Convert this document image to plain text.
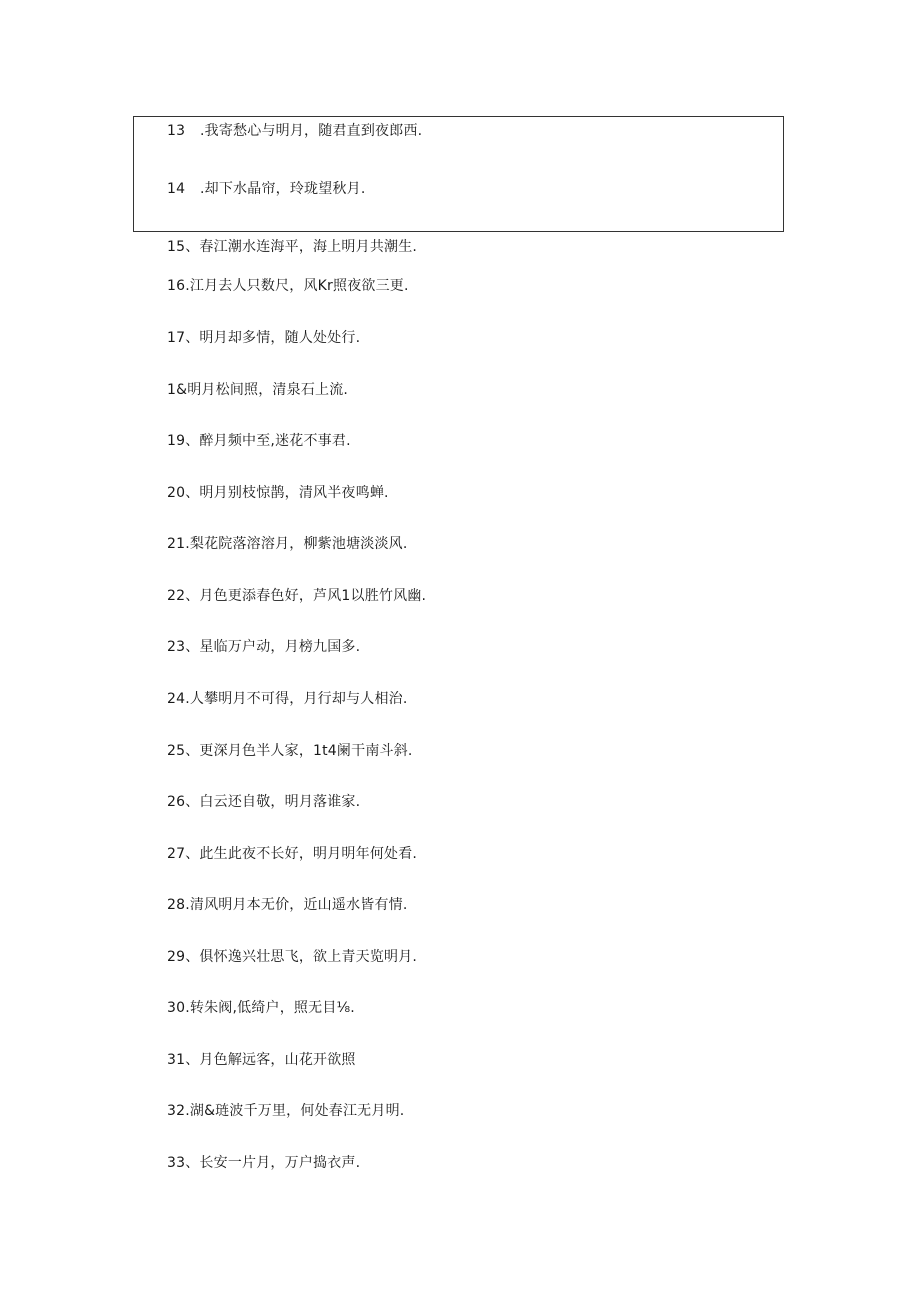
13 .我寄愁心与明月，随君直到夜郎西.
14 .却下水晶帘，玲珑望秋月.
15、春江潮水连海平，海上明月共潮生.
16.江月去人只数尺，风Kr照夜欲三更.
17、明月却多情，随人处处行.
1&明月松间照，清泉石上流.
19、醉月频中至,迷花不事君.
20、明月别枝惊鹊，清风半夜鸣蝉.
21.梨花院落溶溶月，柳紫池塘淡淡风.
22、月色更添春色好，芦风1以胜竹风幽.
23、星临万户动，月榜九国多.
24.人攀明月不可得，月行却与人相治.
25、更深月色半人家，1t4阑干南斗斜.
26、白云还自敬，明月落谁家.
27、此生此夜不长好，明月明年何处看.
28.清风明月本无价，近山遥水皆有情.
29、俱怀逸兴壮思飞，欲上青天览明月.
30.转朱阀,低绮户，照无目⅛.
31、月色解远客，山花开欲照
32.湖&琏波千万里，何处春江无月明.
33、长安一片月，万户捣衣声.
